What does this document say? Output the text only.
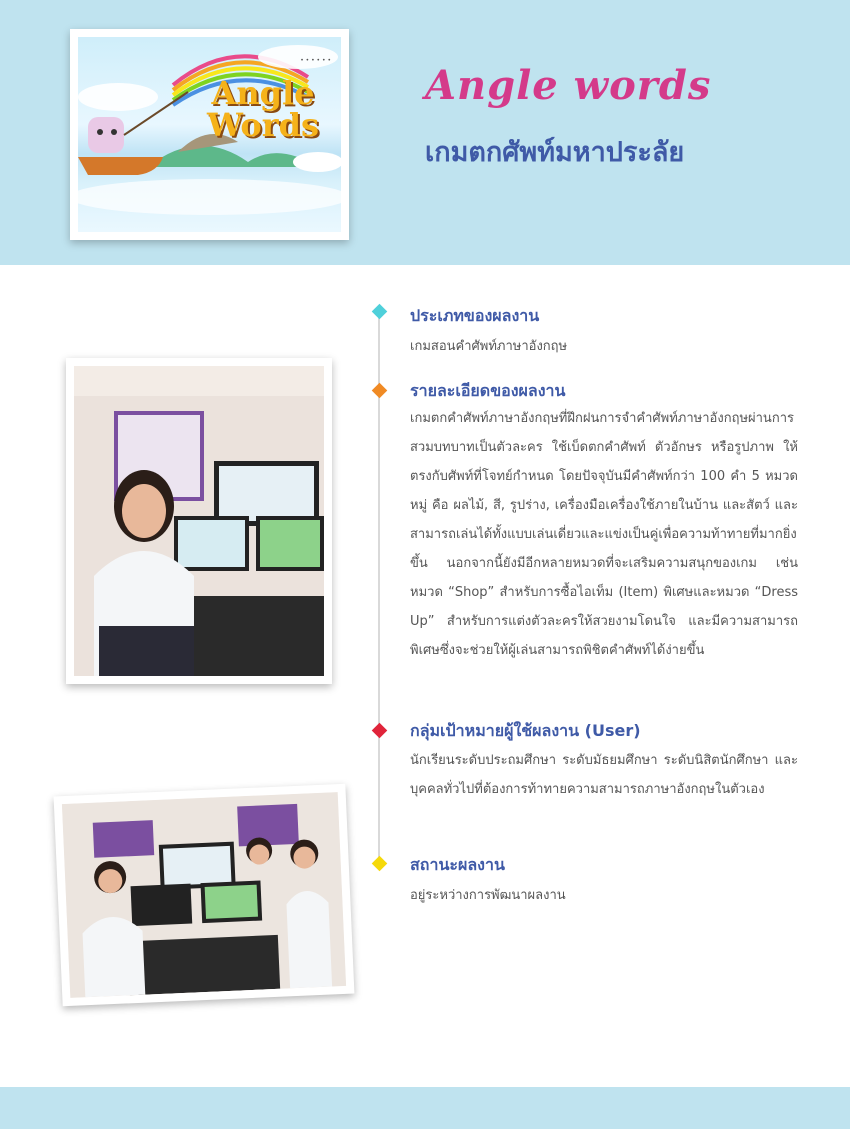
• • • • • •
Angle
Words
Angle words
เกมตกศัพท์มหาประลัย
ประเภทของผลงาน
เกมสอนคำศัพท์ภาษาอังกฤษ
รายละเอียดของผลงาน
เกมตกคำศัพท์ภาษาอังกฤษที่ฝึกฝนการจำคำศัพท์ภาษาอังกฤษผ่านการสวมบทบาทเป็นตัวละคร ใช้เบ็ดตกคำศัพท์ ตัวอักษร หรือรูปภาพ ให้ตรงกับศัพท์ที่โจทย์กำหนด โดยปัจจุบันมีคำศัพท์กว่า 100 คำ 5 หมวดหมู่ คือ ผลไม้, สี, รูปร่าง, เครื่องมือเครื่องใช้ภายในบ้าน และสัตว์ และสามารถเล่นได้ทั้งแบบเล่นเดี่ยวและแข่งเป็นคู่เพื่อความท้าทายที่มากยิ่งขึ้น นอกจากนี้ยังมีอีกหลายหมวดที่จะเสริมความสนุกของเกม เช่น หมวด “Shop” สำหรับการซื้อไอเท็ม (Item) พิเศษและหมวด “Dress Up” สำหรับการแต่งตัวละครให้สวยงามโดนใจ และมีความสามารถพิเศษซึ่งจะช่วยให้ผู้เล่นสามารถพิชิตคำศัพท์ได้ง่ายขึ้น
กลุ่มเป้าหมายผู้ใช้ผลงาน (User)
นักเรียนระดับประถมศึกษา ระดับมัธยมศึกษา ระดับนิสิตนักศึกษา และบุคคลทั่วไปที่ต้องการท้าทายความสามารถภาษาอังกฤษในตัวเอง
สถานะผลงาน
อยู่ระหว่างการพัฒนาผลงาน
